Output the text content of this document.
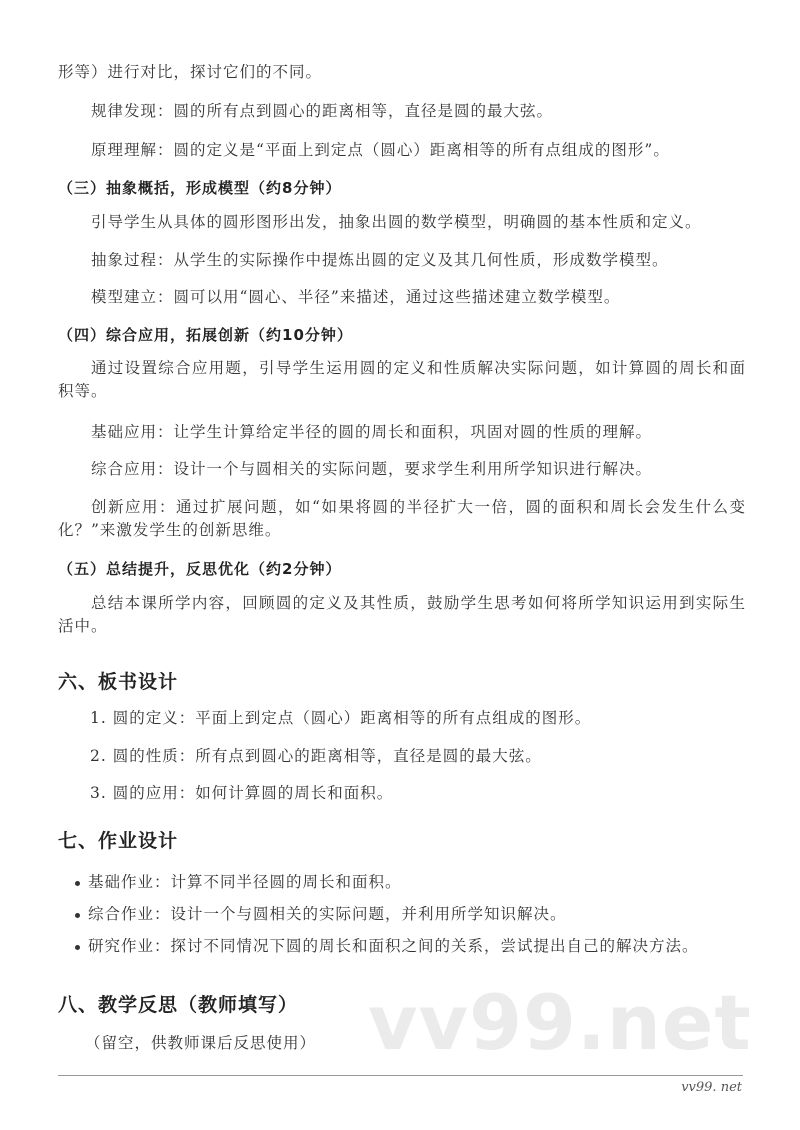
形等）进行对比，探讨它们的不同。
规律发现：圆的所有点到圆心的距离相等，直径是圆的最大弦。
原理理解：圆的定义是“平面上到定点（圆心）距离相等的所有点组成的图形”。
（三）抽象概括，形成模型（约8分钟）
引导学生从具体的圆形图形出发，抽象出圆的数学模型，明确圆的基本性质和定义。
抽象过程：从学生的实际操作中提炼出圆的定义及其几何性质，形成数学模型。
模型建立：圆可以用“圆心、半径”来描述，通过这些描述建立数学模型。
（四）综合应用，拓展创新（约10分钟）
通过设置综合应用题，引导学生运用圆的定义和性质解决实际问题，如计算圆的周长和面积等。
基础应用：让学生计算给定半径的圆的周长和面积，巩固对圆的性质的理解。
综合应用：设计一个与圆相关的实际问题，要求学生利用所学知识进行解决。
创新应用：通过扩展问题，如“如果将圆的半径扩大一倍，圆的面积和周长会发生什么变化？”来激发学生的创新思维。
（五）总结提升，反思优化（约2分钟）
总结本课所学内容，回顾圆的定义及其性质，鼓励学生思考如何将所学知识运用到实际生活中。
六、板书设计
1. 圆的定义：平面上到定点（圆心）距离相等的所有点组成的图形。
2. 圆的性质：所有点到圆心的距离相等，直径是圆的最大弦。
3. 圆的应用：如何计算圆的周长和面积。
七、作业设计
基础作业：计算不同半径圆的周长和面积。
综合作业：设计一个与圆相关的实际问题，并利用所学知识解决。
研究作业：探讨不同情况下圆的周长和面积之间的关系，尝试提出自己的解决方法。
vv99.net
八、教学反思（教师填写）
（留空，供教师课后反思使用）
vv99. net
